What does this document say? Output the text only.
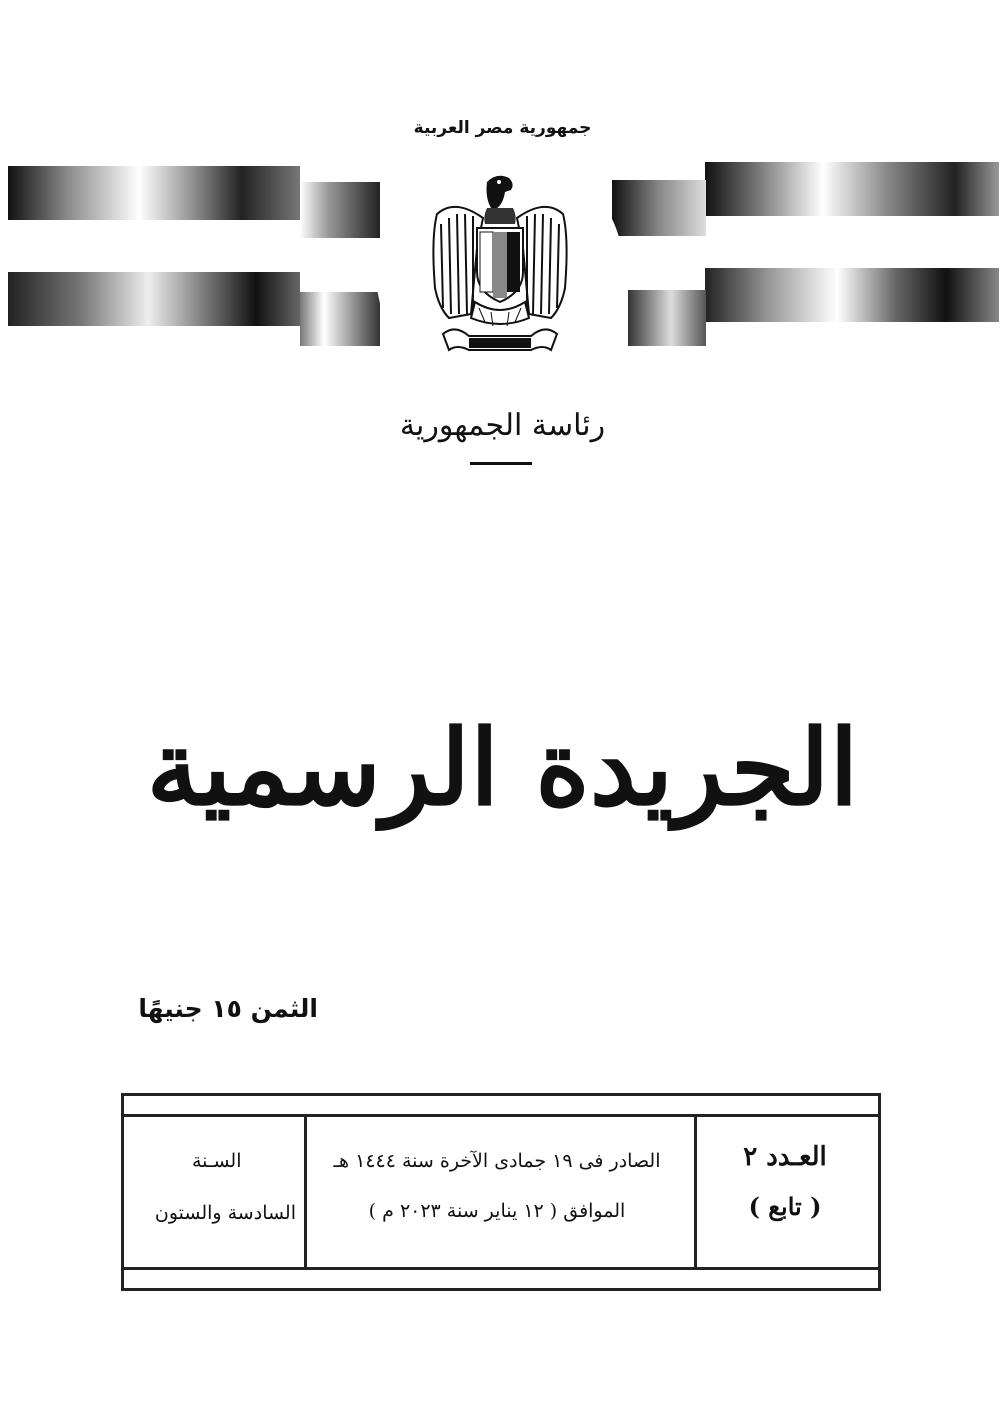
جمهورية مصر العربية
رئاسة الجمهورية
الجريدة الرسمية
الثمن ١٥ جنيهًا
العـدد ٢
( تابع )
الصادر فى ١٩ جمادى الآخرة سنة ١٤٤٤ هـ
الموافق ( ١٢ يناير سنة ٢٠٢٣ م )
السـنة
السادسة والستون
